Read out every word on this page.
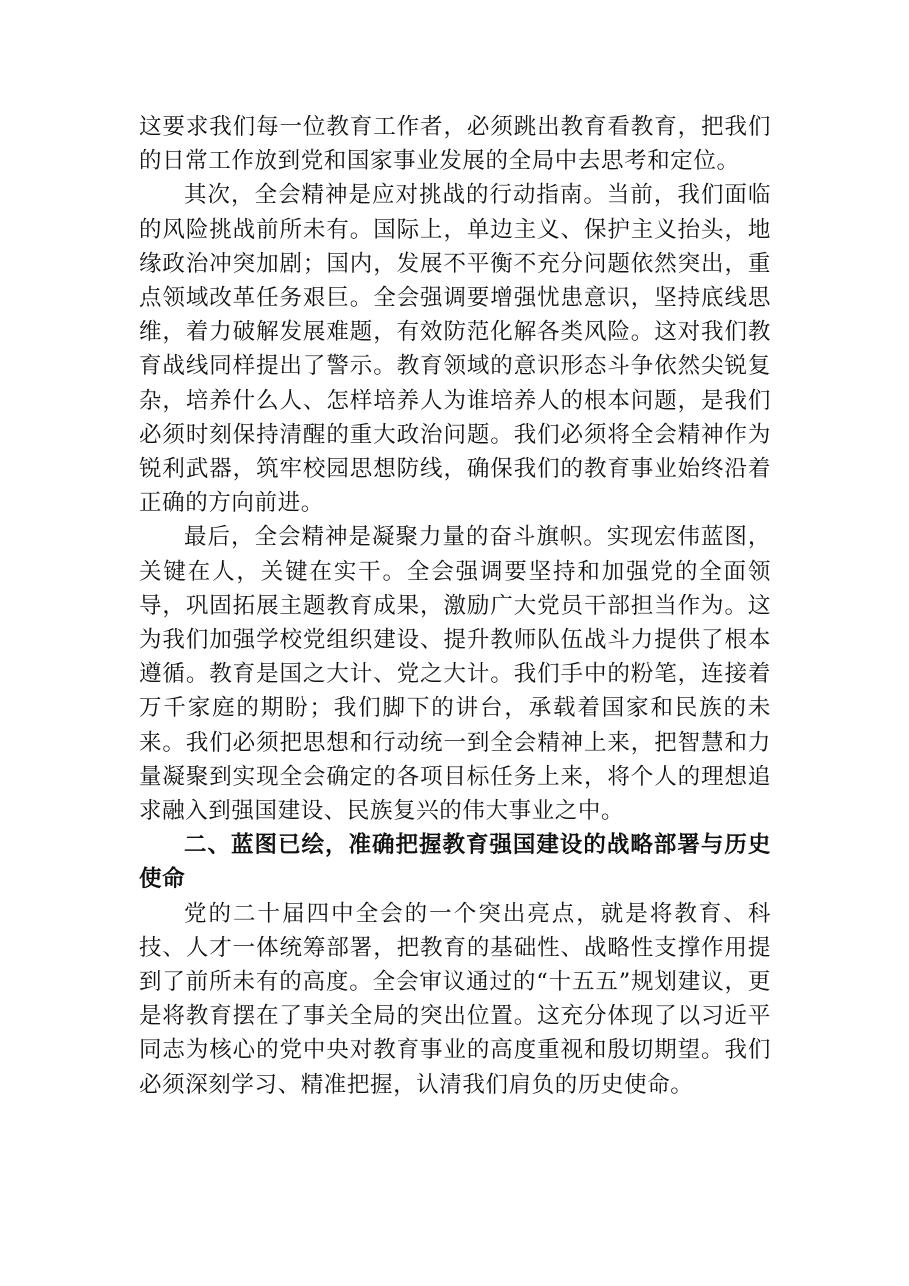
这要求我们每一位教育工作者，必须跳出教育看教育，把我们的日常工作放到党和国家事业发展的全局中去思考和定位。

其次，全会精神是应对挑战的行动指南。当前，我们面临的风险挑战前所未有。国际上，单边主义、保护主义抬头，地缘政治冲突加剧；国内，发展不平衡不充分问题依然突出，重点领域改革任务艰巨。全会强调要增强忧患意识，坚持底线思维，着力破解发展难题，有效防范化解各类风险。这对我们教育战线同样提出了警示。教育领域的意识形态斗争依然尖锐复杂，培养什么人、怎样培养人为谁培养人的根本问题，是我们必须时刻保持清醒的重大政治问题。我们必须将全会精神作为锐利武器，筑牢校园思想防线，确保我们的教育事业始终沿着正确的方向前进。

最后，全会精神是凝聚力量的奋斗旗帜。实现宏伟蓝图，关键在人，关键在实干。全会强调要坚持和加强党的全面领导，巩固拓展主题教育成果，激励广大党员干部担当作为。这为我们加强学校党组织建设、提升教师队伍战斗力提供了根本遵循。教育是国之大计、党之大计。我们手中的粉笔，连接着万千家庭的期盼；我们脚下的讲台，承载着国家和民族的未来。我们必须把思想和行动统一到全会精神上来，把智慧和力量凝聚到实现全会确定的各项目标任务上来，将个人的理想追求融入到强国建设、民族复兴的伟大事业之中。

二、蓝图已绘，准确把握教育强国建设的战略部署与历史使命

党的二十届四中全会的一个突出亮点，就是将教育、科技、人才一体统筹部署，把教育的基础性、战略性支撑作用提到了前所未有的高度。全会审议通过的“十五五”规划建议，更是将教育摆在了事关全局的突出位置。这充分体现了以习近平同志为核心的党中央对教育事业的高度重视和殷切期望。我们必须深刻学习、精准把握，认清我们肩负的历史使命。
